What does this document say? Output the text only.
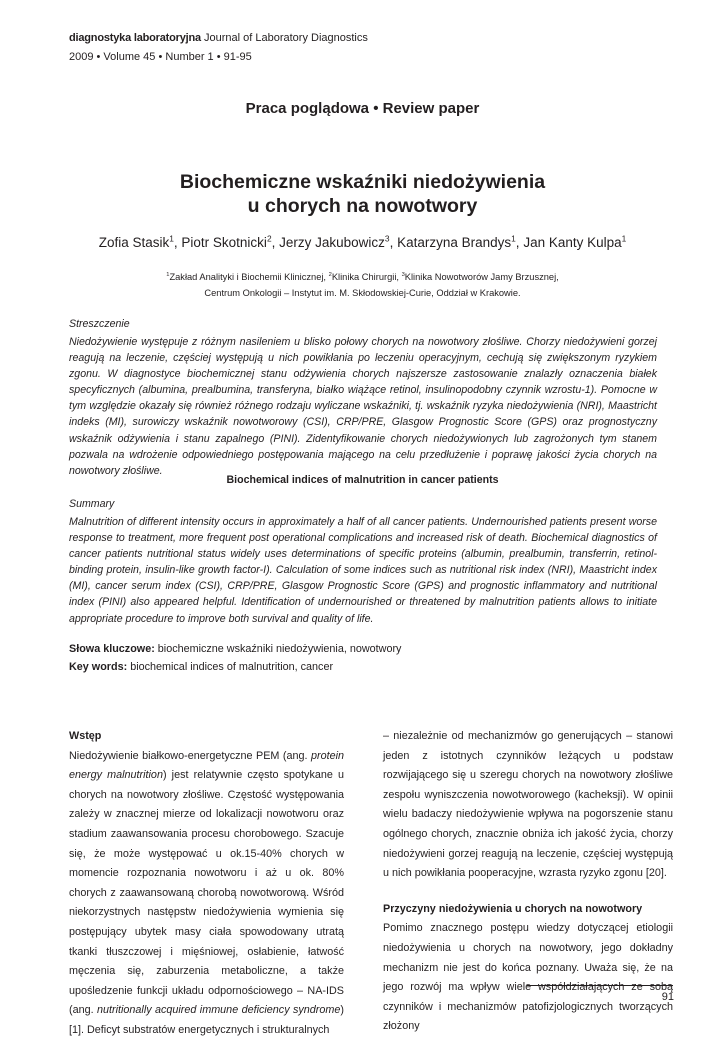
diagnostyka laboratoryjna Journal of Laboratory Diagnostics
2009 • Volume 45 • Number 1 • 91-95
Praca poglądowa • Review paper
Biochemiczne wskaźniki niedożywienia
u chorych na nowotwory
Zofia Stasik$^1$, Piotr Skotnicki$^2$, Jerzy Jakubowicz$^3$, Katarzyna Brandys$^1$, Jan Kanty Kulpa$^1$
$^1$Zakład Analityki i Biochemii Klinicznej, $^2$Klinika Chirurgii, $^3$Klinika Nowotworów Jamy Brzusznej,
Centrum Onkologii – Instytut im. M. Skłodowskiej-Curie, Oddział w Krakowie.
Streszczenie
Niedożywienie występuje z różnym nasileniem u blisko połowy chorych na nowotwory złośliwe. Chorzy niedożywieni gorzej reagują na leczenie, częściej występują u nich powikłania po leczeniu operacyjnym, cechują się zwiększonym ryzykiem zgonu. W diagnostyce biochemicznej stanu odżywienia chorych najszersze zastosowanie znalazły oznaczenia białek specyficznych (albumina, prealbumina, transferyna, białko wiążące retinol, insulinopodobny czynnik wzrostu-1). Pomocne w tym względzie okazały się również różnego rodzaju wyliczane wskaźniki, tj. wskaźnik ryzyka niedożywienia (NRI), Maastricht indeks (MI), surowiczy wskaźnik nowotworowy (CSI), CRP/PRE, Glasgow Prognostic Score (GPS) oraz prognostyczny wskaźnik odżywienia i stanu zapalnego (PINI). Zidentyfikowanie chorych niedożywionych lub zagrożonych tym stanem pozwala na wdrożenie odpowiedniego postępowania mającego na celu przedłużenie i poprawę jakości życia chorych na nowotwory złośliwe.
Biochemical indices of malnutrition in cancer patients
Summary
Malnutrition of different intensity occurs in approximately a half of all cancer patients. Undernourished patients present worse response to treatment, more frequent post operational complications and increased risk of death. Biochemical diagnostics of cancer patients nutritional status widely uses determinations of specific proteins (albumin, prealbumin, transferrin, retinol-binding protein, insulin-like growth factor-I). Calculation of some indices such as nutritional risk index (NRI), Maastricht index (MI), cancer serum index (CSI), CRP/PRE, Glasgow Prognostic Score (GPS) and prognostic inflammatory and nutritional index (PINI) also appeared helpful. Identification of undernourished or threatened by malnutrition patients allows to initiate appropriate procedure to improve both survival and quality of life.
Słowa kluczowe: biochemiczne wskaźniki niedożywienia, nowotwory
Key words: biochemical indices of malnutrition, cancer
Wstęp

Niedożywienie białkowo-energetyczne PEM (ang. protein energy malnutrition) jest relatywnie często spotykane u chorych na nowotwory złośliwe. Częstość występowania zależy w znacznej mierze od lokalizacji nowotworu oraz stadium zaawansowania procesu chorobowego. Szacuje się, że może występować u ok.15-40% chorych w momencie rozpoznania nowotworu i aż u ok. 80% chorych z zaawansowaną chorobą nowotworową. Wśród niekorzystnych następstw niedożywienia wymienia się postępujący ubytek masy ciała spowodowany utratą tkanki tłuszczowej i mięśniowej, osłabienie, łatwość męczenia się, zaburzenia metaboliczne, a także upośledzenie funkcji układu odpornościowego – NA-IDS (ang. nutritionally acquired immune deficiency syndrome) [1]. Deficyt substratów energetycznych i strukturalnych

– niezależnie od mechanizmów go generujących – stanowi jeden z istotnych czynników leżących u podstaw rozwijającego się u szeregu chorych na nowotwory złośliwe zespołu wyniszczenia nowotworowego (kacheksji). W opinii wielu badaczy niedożywienie wpływa na pogorszenie stanu ogólnego chorych, znacznie obniża ich jakość życia, chorzy niedożywieni gorzej reagują na leczenie, częściej występują u nich powikłania pooperacyjne, wzrasta ryzyko zgonu [20].

Przyczyny niedożywienia u chorych na nowotwory

Pomimo znacznego postępu wiedzy dotyczącej etiologii niedożywienia u chorych na nowotwory, jego dokładny mechanizm nie jest do końca poznany. Uważa się, że na jego rozwój ma wpływ wiele współdziałających ze sobą czynników i mechanizmów patofizjologicznych tworzących złożony

91
